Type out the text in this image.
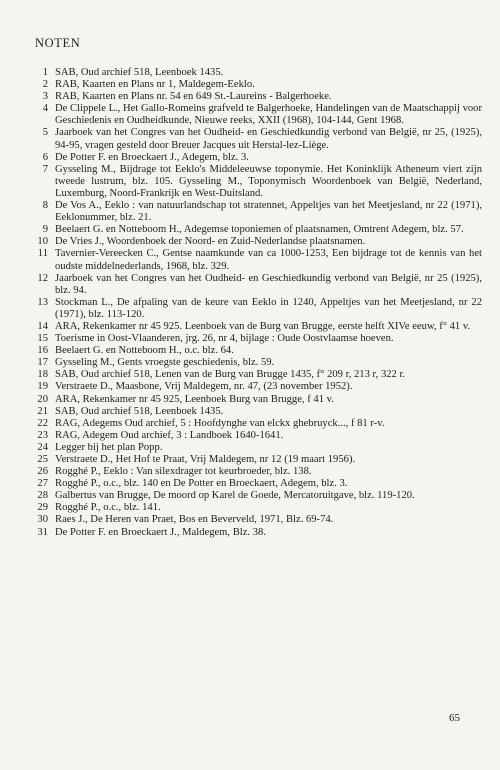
NOTEN
1 SAB, Oud archief 518, Leenboek 1435.
2 RAB, Kaarten en Plans nr 1, Maldegem-Eeklo.
3 RAB, Kaarten en Plans nr. 54 en 649 St.-Laureins - Balgerhoeke.
4 De Clippele L., Het Gallo-Romeins grafveld te Balgerhoeke, Handelingen van de Maatschappij voor Geschiedenis en Oudheidkunde, Nieuwe reeks, XXII (1968), 104-144, Gent 1968.
5 Jaarboek van het Congres van het Oudheid- en Geschiedkundig verbond van België, nr 25, (1925), 94-95, vragen gesteld door Breuer Jacques uit Herstal-lez-Liège.
6 De Potter F. en Broeckaert J., Adegem, blz. 3.
7 Gysseling M., Bijdrage tot Eeklo's Middeleeuwse toponymie. Het Koninklijk Atheneum viert zijn tweede lustrum, blz. 105. Gysseling M., Toponymisch Woordenboek van België, Nederland, Luxemburg, Noord-Frankrijk en West-Duitsland.
8 De Vos A., Eeklo : van natuurlandschap tot stratennet, Appeltjes van het Meetjesland, nr 22 (1971), Eeklonummer, blz. 21.
9 Beelaert G. en Notteboom H., Adegemse toponiemen of plaatsnamen, Omtrent Adegem, blz. 57.
10 De Vries J., Woordenboek der Noord- en Zuid-Nederlandse plaatsnamen.
11 Tavernier-Vereecken C., Gentse naamkunde van ca 1000-1253, Een bijdrage tot de kennis van het oudste middelnederlands, 1968, blz. 329.
12 Jaarboek van het Congres van het Oudheid- en Geschiedkundig verbond van België, nr 25 (1925), blz. 94.
13 Stockman L., De afpaling van de keure van Eeklo in 1240, Appeltjes van het Meetjesland, nr 22 (1971), blz. 113-120.
14 ARA, Rekenkamer nr 45 925. Leenboek van de Burg van Brugge, eerste helft XIVe eeuw, f° 41 v.
15 Toerisme in Oost-Vlaanderen, jrg. 26, nr 4, bijlage : Oude Oostvlaamse hoeven.
16 Beelaert G. en Notteboom H., o.c. blz. 64.
17 Gysseling M., Gents vroegste geschiedenis, blz. 59.
18 SAB, Oud archief 518, Lenen van de Burg van Brugge 1435, f° 209 r, 213 r, 322 r.
19 Verstraete D., Maasbone, Vrij Maldegem, nr. 47, (23 november 1952).
20 ARA, Rekenkamer nr 45 925, Leenboek Burg van Brugge, f 41 v.
21 SAB, Oud archief 518, Leenboek 1435.
22 RAG, Adegems Oud archief, 5 : Hoofdynghe van elckx ghebruyck..., f 81 r-v.
23 RAG, Adegem Oud archief, 3 : Landboek 1640-1641.
24 Legger bij het plan Popp.
25 Verstraete D., Het Hof te Praat, Vrij Maldegem, nr 12 (19 maart 1956).
26 Rogghé P., Eeklo : Van silexdrager tot keurbroeder, blz. 138.
27 Rogghé P., o.c., blz. 140 en De Potter en Broeckaert, Adegem, blz. 3.
28 Galbertus van Brugge, De moord op Karel de Goede, Mercatoruitgave, blz. 119-120.
29 Rogghé P., o.c., blz. 141.
30 Raes J., De Heren van Praet, Bos en Beverveld, 1971, Blz. 69-74.
31 De Potter F. en Broeckaert J., Maldegem, Blz. 38.
65
